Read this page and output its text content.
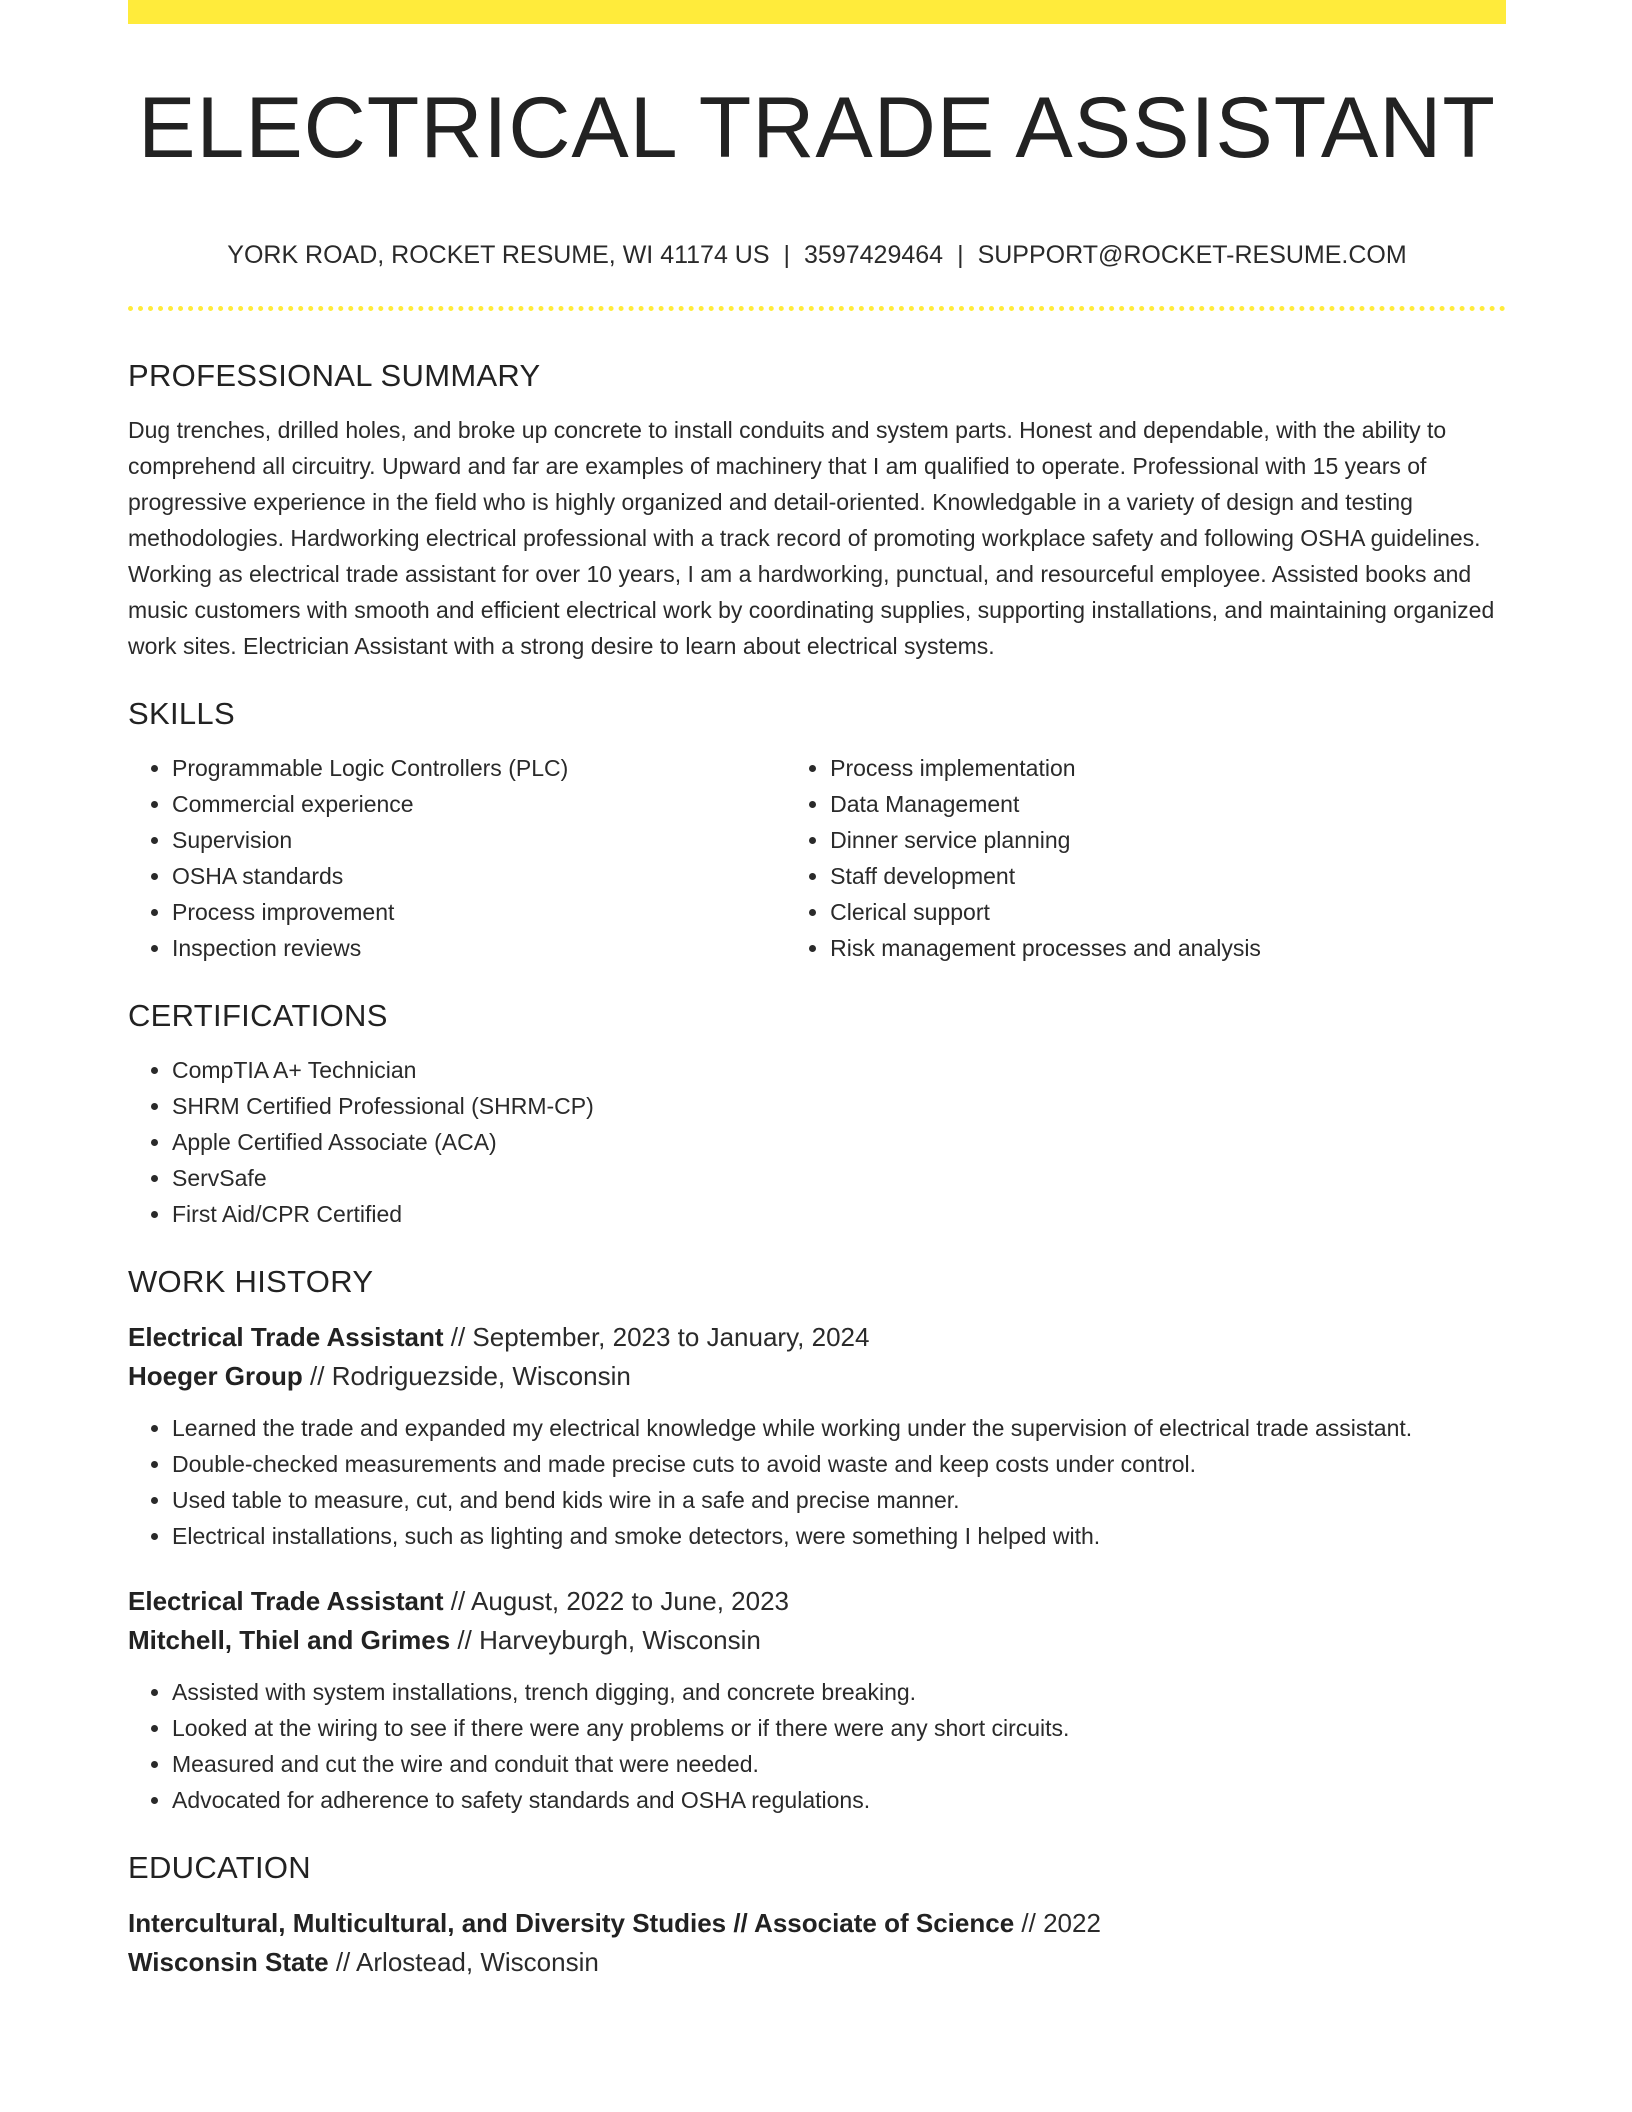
ELECTRICAL TRADE ASSISTANT
YORK ROAD, ROCKET RESUME, WI 41174 US | 3597429464 | SUPPORT@ROCKET-RESUME.COM
PROFESSIONAL SUMMARY

Dug trenches, drilled holes, and broke up concrete to install conduits and system parts. Honest and dependable, with the ability to comprehend all circuitry. Upward and far are examples of machinery that I am qualified to operate. Professional with 15 years of progressive experience in the field who is highly organized and detail-oriented. Knowledgable in a variety of design and testing methodologies. Hardworking electrical professional with a track record of promoting workplace safety and following OSHA guidelines. Working as electrical trade assistant for over 10 years, I am a hardworking, punctual, and resourceful employee. Assisted books and music customers with smooth and efficient electrical work by coordinating supplies, supporting installations, and maintaining organized work sites. Electrician Assistant with a strong desire to learn about electrical systems.

SKILLS
• Programmable Logic Controllers (PLC)
• Commercial experience
• Supervision
• OSHA standards
• Process improvement
• Inspection reviews
• Process implementation
• Data Management
• Dinner service planning
• Staff development
• Clerical support
• Risk management processes and analysis
CERTIFICATIONS
• CompTIA A+ Technician
• SHRM Certified Professional (SHRM-CP)
• Apple Certified Associate (ACA)
• ServSafe
• First Aid/CPR Certified
WORK HISTORY

Electrical Trade Assistant // September, 2023 to January, 2024

Hoeger Group // Rodriguezside, Wisconsin

• Learned the trade and expanded my electrical knowledge while working under the supervision of electrical trade assistant.
• Double-checked measurements and made precise cuts to avoid waste and keep costs under control.
• Used table to measure, cut, and bend kids wire in a safe and precise manner.
• Electrical installations, such as lighting and smoke detectors, were something I helped with.

Electrical Trade Assistant // August, 2022 to June, 2023

Mitchell, Thiel and Grimes // Harveyburgh, Wisconsin

• Assisted with system installations, trench digging, and concrete breaking.
• Looked at the wiring to see if there were any problems or if there were any short circuits.
• Measured and cut the wire and conduit that were needed.
• Advocated for adherence to safety standards and OSHA regulations.
EDUCATION

Intercultural, Multicultural, and Diversity Studies // Associate of Science // 2022

Wisconsin State // Arlostead, Wisconsin
